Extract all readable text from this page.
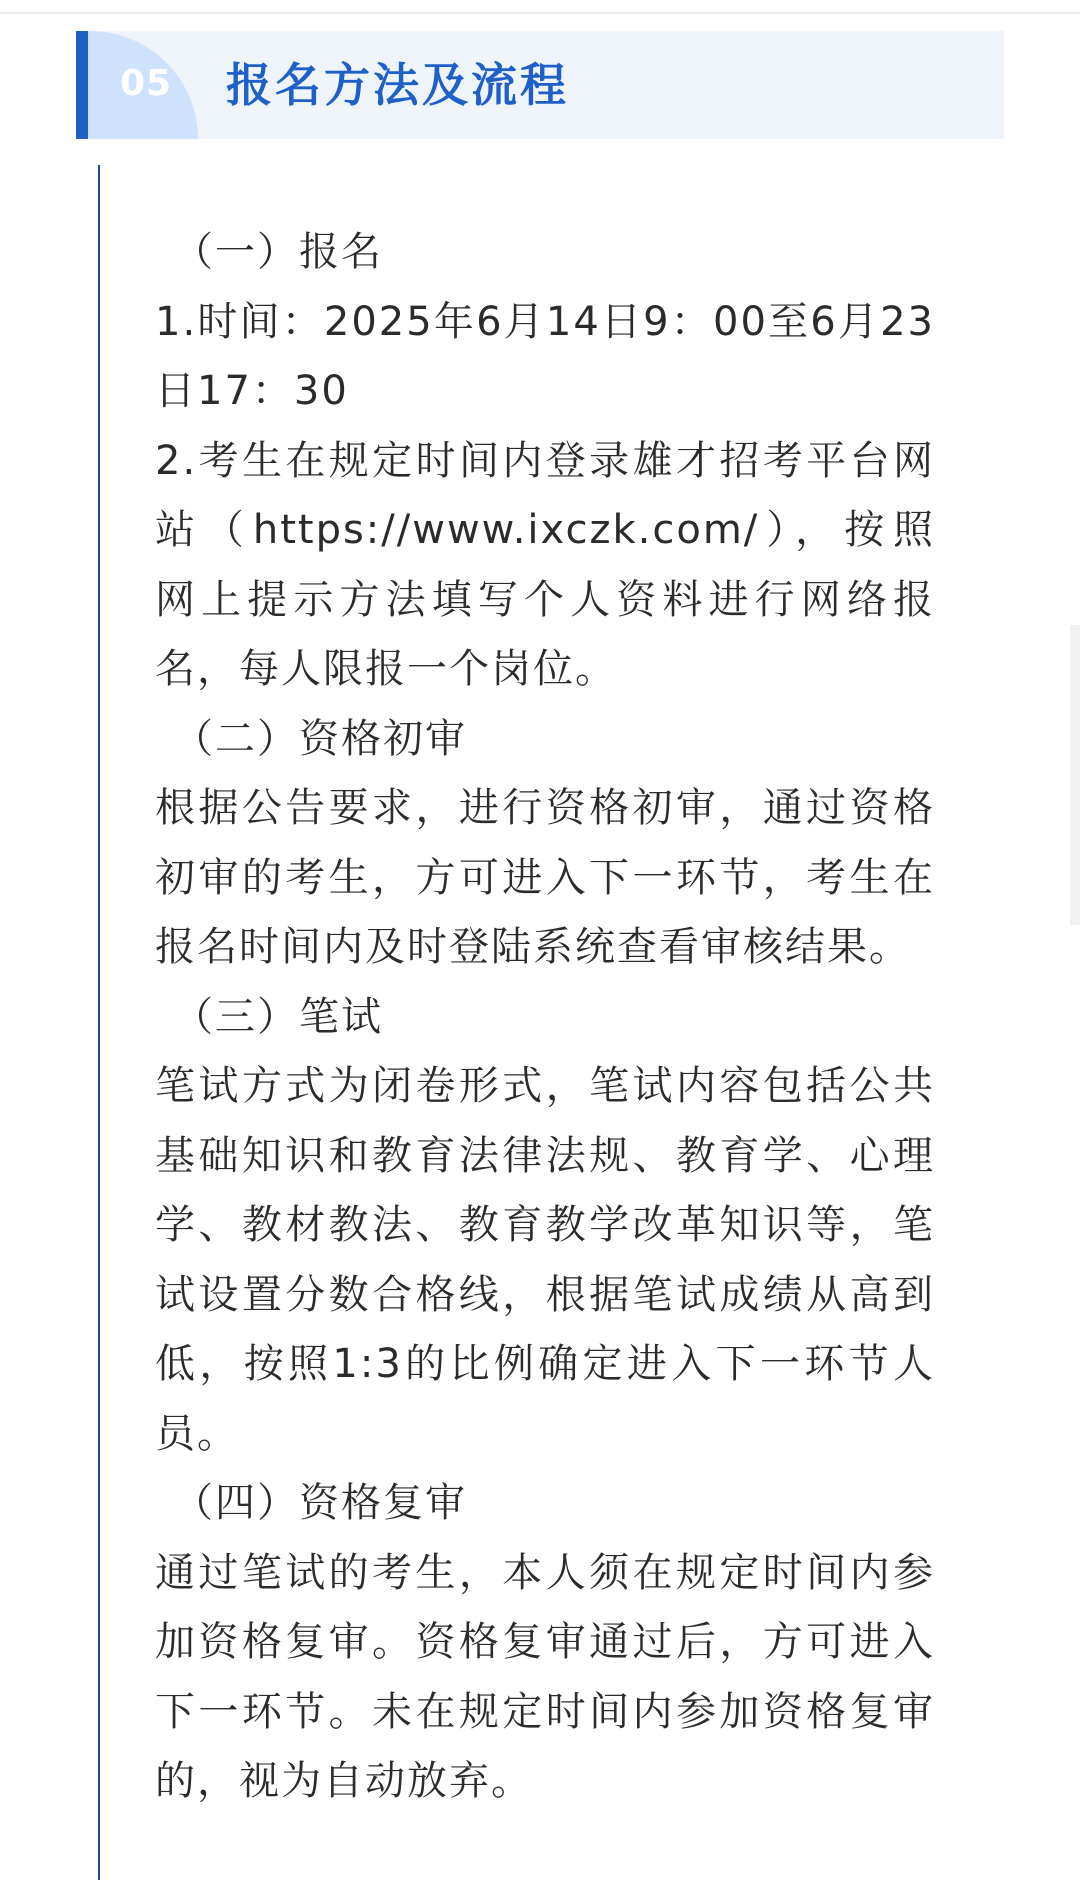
05 报名方法及流程

（一）报名

1.时间：2025年6月14日9：00至6月23日17：30

2.考生在规定时间内登录雄才招考平台网站（https://www.ixczk.com/），按照网上提示方法填写个人资料进行网络报名，每人限报一个岗位。

（二）资格初审

根据公告要求，进行资格初审，通过资格初审的考生，方可进入下一环节，考生在报名时间内及时登陆系统查看审核结果。

（三）笔试

笔试方式为闭卷形式，笔试内容包括公共基础知识和教育法律法规、教育学、心理学、教材教法、教育教学改革知识等，笔试设置分数合格线，根据笔试成绩从高到低，按照1:3的比例确定进入下一环节人员。

（四）资格复审

通过笔试的考生，本人须在规定时间内参加资格复审。资格复审通过后，方可进入下一环节。未在规定时间内参加资格复审的，视为自动放弃。
